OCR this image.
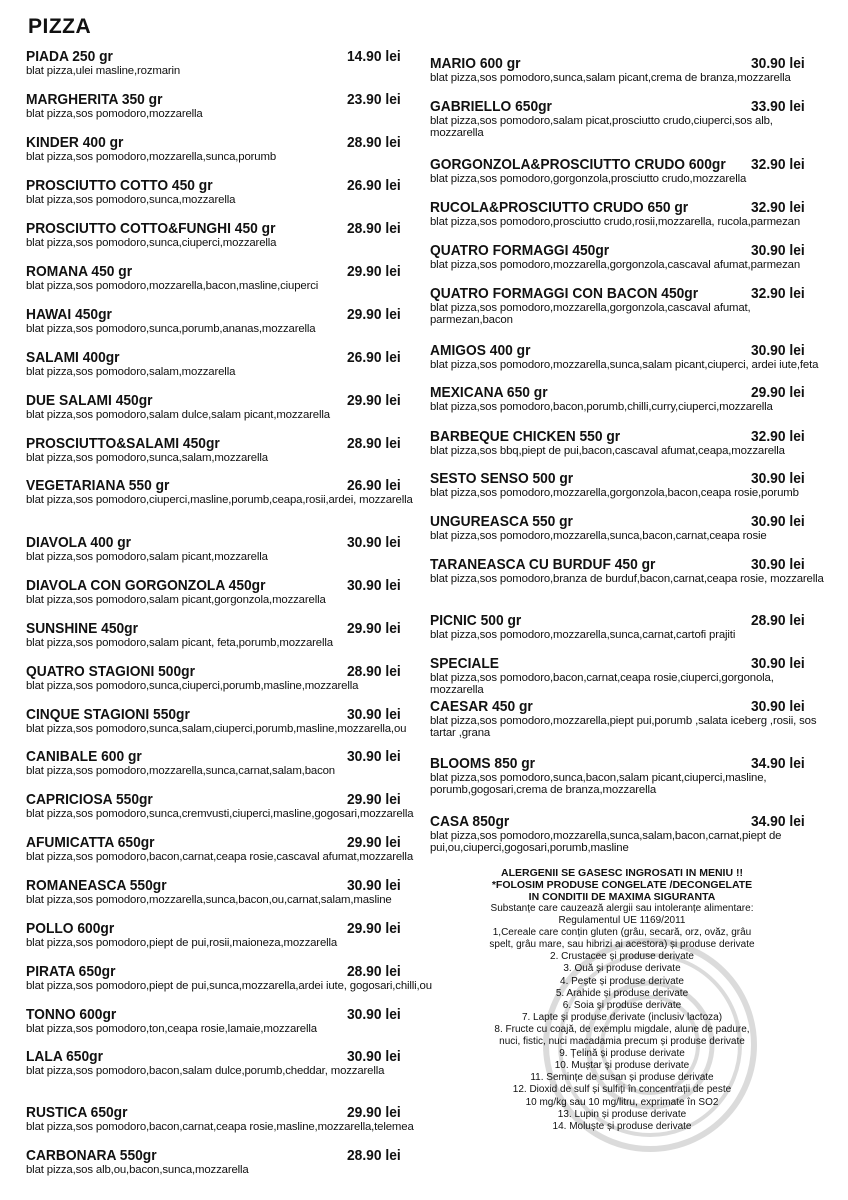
PIZZA
PIADA 250 gr	14.90 lei
blat pizza,ulei masline,rozmarin
MARGHERITA 350 gr	23.90 lei
blat pizza,sos pomodoro,mozzarella
KINDER 400 gr	28.90 lei
blat pizza,sos pomodoro,mozzarella,sunca,porumb
PROSCIUTTO COTTO 450 gr	26.90 lei
blat pizza,sos pomodoro,sunca,mozzarella
PROSCIUTTO COTTO&FUNGHI 450 gr	28.90 lei
blat pizza,sos pomodoro,sunca,ciuperci,mozzarella
ROMANA 450 gr	29.90 lei
blat pizza,sos pomodoro,mozzarella,bacon,masline,ciuperci
HAWAI 450gr	29.90 lei
blat pizza,sos pomodoro,sunca,porumb,ananas,mozzarella
SALAMI 400gr	26.90 lei
blat pizza,sos pomodoro,salam,mozzarella
DUE SALAMI 450gr	29.90 lei
blat pizza,sos pomodoro,salam dulce,salam picant,mozzarella
PROSCIUTTO&SALAMI 450gr	28.90 lei
blat pizza,sos pomodoro,sunca,salam,mozzarella
VEGETARIANA 550 gr	26.90 lei
blat pizza,sos pomodoro,ciuperci,masline,porumb,ceapa,rosii,ardei, mozzarella
DIAVOLA 400 gr	30.90 lei
blat pizza,sos pomodoro,salam picant,mozzarella
DIAVOLA CON GORGONZOLA 450gr	30.90 lei
blat pizza,sos pomodoro,salam picant,gorgonzola,mozzarella
SUNSHINE 450gr	29.90 lei
blat pizza,sos pomodoro,salam picant, feta,porumb,mozzarella
QUATRO STAGIONI 500gr	28.90 lei
blat pizza,sos pomodoro,sunca,ciuperci,porumb,masline,mozzarella
CINQUE STAGIONI 550gr	30.90 lei
blat pizza,sos pomodoro,sunca,salam,ciuperci,porumb,masline,mozzarella,ou
CANIBALE 600 gr	30.90 lei
blat pizza,sos pomodoro,mozzarella,sunca,carnat,salam,bacon
CAPRICIOSA 550gr	29.90 lei
blat pizza,sos pomodoro,sunca,cremvusti,ciuperci,masline,gogosari,mozzarella
AFUMICATTA 650gr	29.90 lei
blat pizza,sos pomodoro,bacon,carnat,ceapa rosie,cascaval afumat,mozzarella
ROMANEASCA 550gr	30.90 lei
blat pizza,sos pomodoro,mozzarella,sunca,bacon,ou,carnat,salam,masline
POLLO 600gr	29.90 lei
blat pizza,sos pomodoro,piept de pui,rosii,maioneza,mozzarella
PIRATA 650gr	28.90 lei
blat pizza,sos pomodoro,piept de pui,sunca,mozzarella,ardei iute, gogosari,chilli,ou
TONNO 600gr	30.90 lei
blat pizza,sos pomodoro,ton,ceapa rosie,lamaie,mozzarella
LALA 650gr	30.90 lei
blat pizza,sos pomodoro,bacon,salam dulce,porumb,cheddar, mozzarella
RUSTICA 650gr	29.90 lei
blat pizza,sos pomodoro,bacon,carnat,ceapa rosie,masline,mozzarella,telemea
CARBONARA 550gr	28.90 lei
blat pizza,sos alb,ou,bacon,sunca,mozzarella
MARIO 600 gr	30.90 lei
blat pizza,sos pomodoro,sunca,salam picant,crema de branza,mozzarella
GABRIELLO 650gr	33.90 lei
blat pizza,sos pomodoro,salam picat,prosciutto crudo,ciuperci,sos alb, mozzarella
GORGONZOLA&PROSCIUTTO CRUDO 600gr 32.90 lei
blat pizza,sos pomodoro,gorgonzola,prosciutto crudo,mozzarella
RUCOLA&PROSCIUTTO CRUDO 650 gr	32.90 lei
blat pizza,sos pomodoro,prosciutto crudo,rosii,mozzarella, rucola,parmezan
QUATRO FORMAGGI 450gr	30.90 lei
blat pizza,sos pomodoro,mozzarella,gorgonzola,cascaval afumat,parmezan
QUATRO FORMAGGI CON BACON 450gr	32.90 lei
blat pizza,sos pomodoro,mozzarella,gorgonzola,cascaval afumat, parmezan,bacon
AMIGOS 400 gr	30.90 lei
blat pizza,sos pomodoro,mozzarella,sunca,salam picant,ciuperci, ardei iute,feta
MEXICANA 650 gr	29.90 lei
blat pizza,sos pomodoro,bacon,porumb,chilli,curry,ciuperci,mozzarella
BARBEQUE CHICKEN 550 gr	32.90 lei
blat pizza,sos bbq,piept de pui,bacon,cascaval afumat,ceapa,mozzarella
SESTO SENSO 500 gr	30.90 lei
blat pizza,sos pomodoro,mozzarella,gorgonzola,bacon,ceapa rosie,porumb
UNGUREASCA 550 gr	30.90 lei
blat pizza,sos pomodoro,mozzarella,sunca,bacon,carnat,ceapa rosie
TARANEASCA CU BURDUF 450 gr	30.90 lei
blat pizza,sos pomodoro,branza de burduf,bacon,carnat,ceapa rosie, mozzarella
PICNIC 500 gr	28.90 lei
blat pizza,sos pomodoro,mozzarella,sunca,carnat,cartofi prajiti
SPECIALE	30.90 lei
blat pizza,sos pomodoro,bacon,carnat,ceapa rosie,ciuperci,gorgonola, mozzarella
CAESAR 450 gr	30.90 lei
blat pizza,sos pomodoro,mozzarella,piept pui,porumb ,salata iceberg ,rosii, sos tartar ,grana
BLOOMS 850 gr	34.90 lei
blat pizza,sos pomodoro,sunca,bacon,salam picant,ciuperci,masline, porumb,gogosari,crema de branza,mozzarella
CASA 850gr	34.90 lei
blat pizza,sos pomodoro,mozzarella,sunca,salam,bacon,carnat,piept de pui,ou,ciuperci,gogosari,porumb,masline
ALERGENII SE GASESC INGROSATI IN MENIU !!
*FOLOSIM PRODUSE CONGELATE /DECONGELATE
IN CONDITII DE MAXIMA SIGURANTA
Substanțe care cauzează alergii sau intoleranțe alimentare:
Regulamentul UE 1169/2011
1,Cereale care conțin gluten (grâu, secară, orz, ovăz, grâu
spelt, grâu mare, sau hibrizi ai acestora) și produse derivate
2. Crustacee și produse derivate
3. Ouă și produse derivate
4. Pește și produse derivate
5. Arahide și produse derivate
6. Soia și produse derivate
7. Lapte și produse derivate (inclusiv lactoza)
8. Fructe cu coajă, de exemplu migdale, alune de padure,
nuci, fistic, nuci macadamia precum și produse derivate
9. Țelină și produse derivate
10. Muștar și produse derivate
11. Semințe de susan și produse derivate
12. Dioxid de sulf și sulfiți în concentrații de peste
10 mg/kg sau 10 mg/litru, exprimate în SO2
13. Lupin și produse derivate
14. Moluște și produse derivate
